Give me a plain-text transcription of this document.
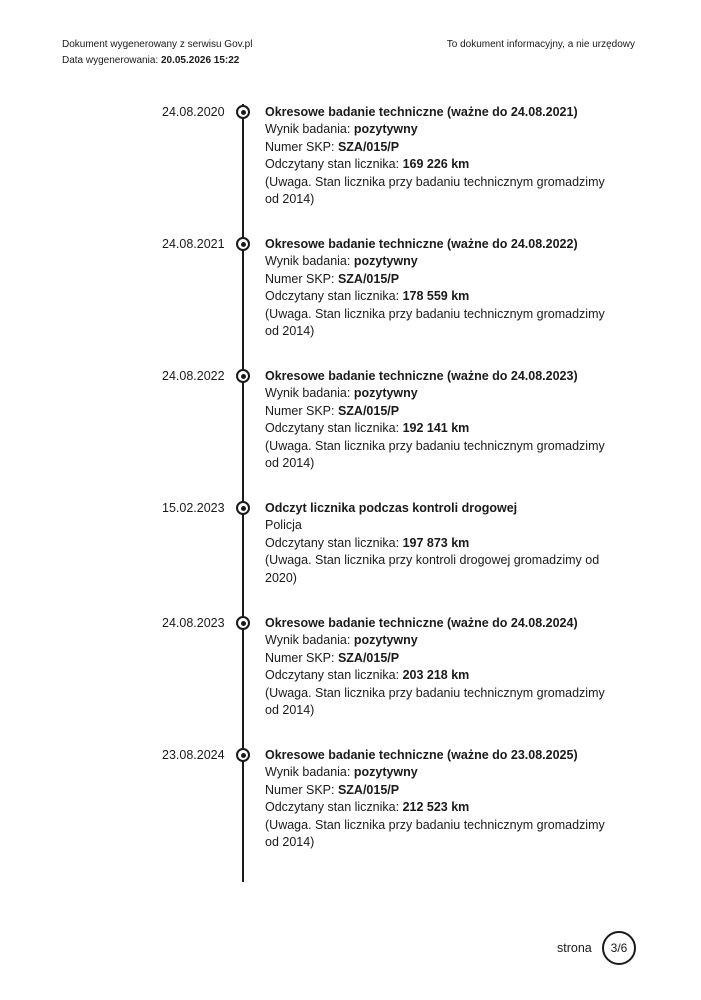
Dokument wygenerowany z serwisu Gov.pl
Data wygenerowania: 20.05.2026 15:22
To dokument informacyjny, a nie urzędowy
24.08.2020	Okresowe badanie techniczne (ważne do 24.08.2021)
Wynik badania: pozytywny
Numer SKP: SZA/015/P
Odczytany stan licznika: 169 226 km
(Uwaga. Stan licznika przy badaniu technicznym gromadzimy od 2014)
24.08.2021	Okresowe badanie techniczne (ważne do 24.08.2022)
Wynik badania: pozytywny
Numer SKP: SZA/015/P
Odczytany stan licznika: 178 559 km
(Uwaga. Stan licznika przy badaniu technicznym gromadzimy od 2014)
24.08.2022	Okresowe badanie techniczne (ważne do 24.08.2023)
Wynik badania: pozytywny
Numer SKP: SZA/015/P
Odczytany stan licznika: 192 141 km
(Uwaga. Stan licznika przy badaniu technicznym gromadzimy od 2014)
15.02.2023	Odczyt licznika podczas kontroli drogowej
Policja
Odczytany stan licznika: 197 873 km
(Uwaga. Stan licznika przy kontroli drogowej gromadzimy od 2020)
24.08.2023	Okresowe badanie techniczne (ważne do 24.08.2024)
Wynik badania: pozytywny
Numer SKP: SZA/015/P
Odczytany stan licznika: 203 218 km
(Uwaga. Stan licznika przy badaniu technicznym gromadzimy od 2014)
23.08.2024	Okresowe badanie techniczne (ważne do 23.08.2025)
Wynik badania: pozytywny
Numer SKP: SZA/015/P
Odczytany stan licznika: 212 523 km
(Uwaga. Stan licznika przy badaniu technicznym gromadzimy od 2014)
strona 3/6
